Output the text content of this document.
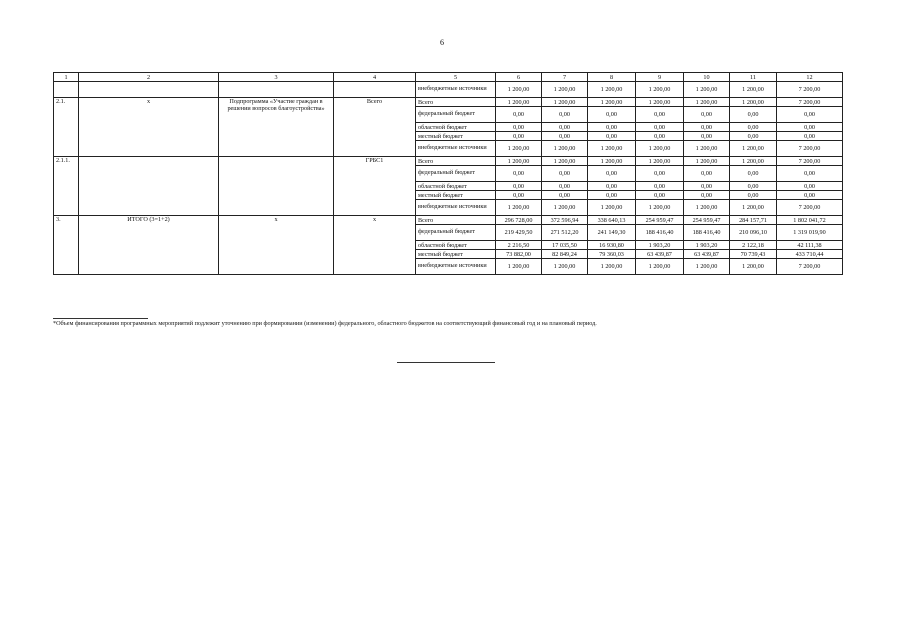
6
1	2	3	4	5	6	7	8	9	10	11	12
				внебюджетные источники	1 200,00	1 200,00	1 200,00	1 200,00	1 200,00	1 200,00	7 200,00
2.1.	x	Подпрограмма «Участие граждан в решении вопросов благоустройства»	Всего	Всего	1 200,00	1 200,00	1 200,00	1 200,00	1 200,00	1 200,00	7 200,00
				федеральный бюджет	0,00	0,00	0,00	0,00	0,00	0,00	0,00
				областной бюджет	0,00	0,00	0,00	0,00	0,00	0,00	0,00
				местный бюджет	0,00	0,00	0,00	0,00	0,00	0,00	0,00
				внебюджетные источники	1 200,00	1 200,00	1 200,00	1 200,00	1 200,00	1 200,00	7 200,00
2.1.1.			ГРБС1	Всего	1 200,00	1 200,00	1 200,00	1 200,00	1 200,00	1 200,00	7 200,00
				федеральный бюджет	0,00	0,00	0,00	0,00	0,00	0,00	0,00
				областной бюджет	0,00	0,00	0,00	0,00	0,00	0,00	0,00
				местный бюджет	0,00	0,00	0,00	0,00	0,00	0,00	0,00
				внебюджетные источники	1 200,00	1 200,00	1 200,00	1 200,00	1 200,00	1 200,00	7 200,00
3.	ИТОГО (3=1+2)	x	x	Всего	296 728,00	372 596,94	338 640,13	254 959,47	254 959,47	284 157,71	1 802 041,72
				федеральный бюджет	219 429,50	271 512,20	241 149,30	188 416,40	188 416,40	210 096,10	1 319 019,90
				областной бюджет	2 216,50	17 035,50	16 930,80	1 903,20	1 903,20	2 122,18	42 111,38
				местный бюджет	73 882,00	82 849,24	79 360,03	63 439,87	63 439,87	70 739,43	433 710,44
				внебюджетные источники	1 200,00	1 200,00	1 200,00	1 200,00	1 200,00	1 200,00	7 200,00
*Объем финансирования программных мероприятий подлежит уточнению при формировании (изменении) федерального, областного бюджетов на соответствующий финансовый год и на плановый период.
